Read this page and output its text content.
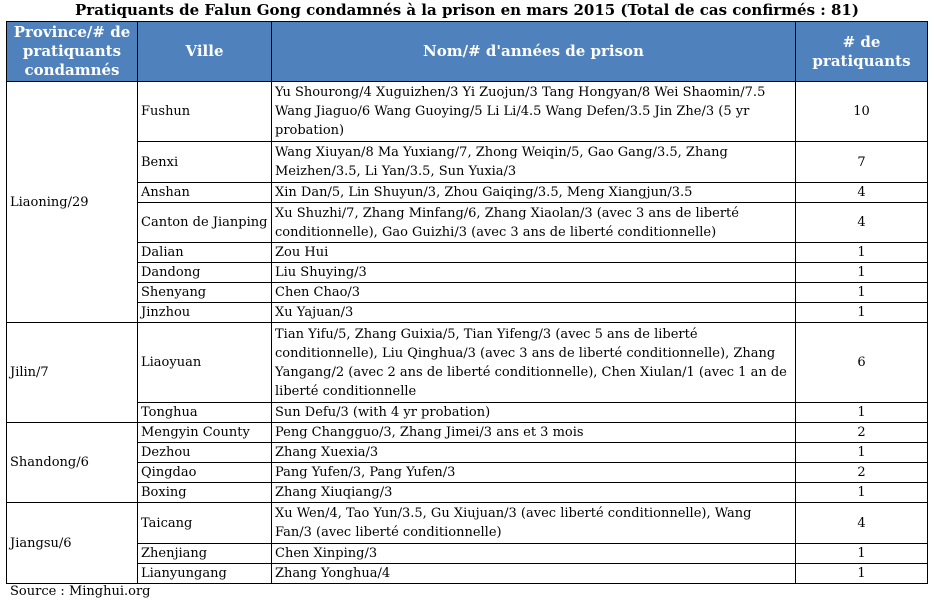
Pratiquants de Falun Gong condamnés à la prison en mars 2015 (Total de cas confirmés : 81)
Province/# de pratiquants condamnés	Ville	Nom/# d'années de prison	# de pratiquants
Liaoning/29	Fushun	Yu Shourong/4 Xuguizhen/3 Yi Zuojun/3 Tang Hongyan/8 Wei Shaomin/7.5 Wang Jiaguo/6 Wang Guoying/5 Li Li/4.5 Wang Defen/3.5 Jin Zhe/3 (5 yr probation)	10
	Benxi	Wang Xiuyan/8 Ma Yuxiang/7, Zhong Weiqin/5, Gao Gang/3.5, Zhang Meizhen/3.5, Li Yan/3.5, Sun Yuxia/3	7
	Anshan	Xin Dan/5, Lin Shuyun/3, Zhou Gaiqing/3.5, Meng Xiangjun/3.5	4
	Canton de Jianping	Xu Shuzhi/7, Zhang Minfang/6, Zhang Xiaolan/3 (avec 3 ans de liberté conditionnelle), Gao Guizhi/3 (avec 3 ans de liberté conditionnelle)	4
	Dalian	Zou Hui	1
	Dandong	Liu Shuying/3	1
	Shenyang	Chen Chao/3	1
	Jinzhou	Xu Yajuan/3	1
Jilin/7	Liaoyuan	Tian Yifu/5, Zhang Guixia/5, Tian Yifeng/3 (avec 5 ans de liberté conditionnelle), Liu Qinghua/3 (avec 3 ans de liberté conditionnelle), Zhang Yangang/2 (avec 2 ans de liberté conditionnelle), Chen Xiulan/1 (avec 1 an de liberté conditionnelle	6
	Tonghua	Sun Defu/3 (with 4 yr probation)	1
Shandong/6	Mengyin County	Peng Changguo/3, Zhang Jimei/3 ans et 3 mois	2
	Dezhou	Zhang Xuexia/3	1
	Qingdao	Pang Yufen/3, Pang Yufen/3	2
	Boxing	Zhang Xiuqiang/3	1
Jiangsu/6	Taicang	Xu Wen/4, Tao Yun/3.5, Gu Xiujuan/3 (avec liberté conditionnelle), Wang Fan/3 (avec liberté conditionnelle)	4
	Zhenjiang	Chen Xinping/3	1
	Lianyungang	Zhang Yonghua/4	1
Source : Minghui.org
